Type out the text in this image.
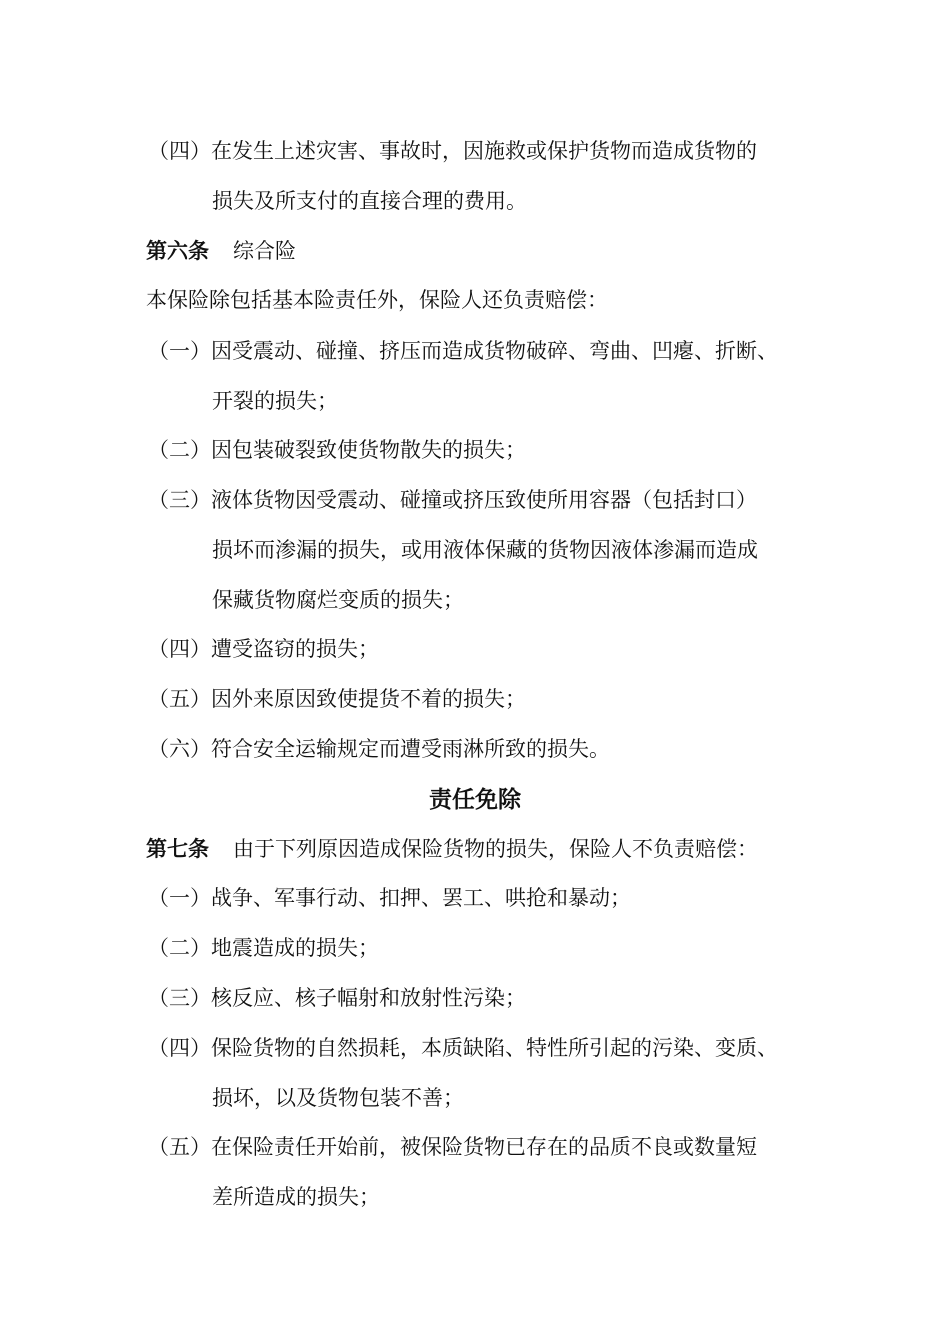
（四）在发生上述灾害、事故时，因施救或保护货物而造成货物的
损失及所支付的直接合理的费用。
第六条 综合险
本保险除包括基本险责任外，保险人还负责赔偿：
（一）因受震动、碰撞、挤压而造成货物破碎、弯曲、凹瘪、折断、
开裂的损失；
（二）因包装破裂致使货物散失的损失；
（三）液体货物因受震动、碰撞或挤压致使所用容器（包括封口）
损坏而渗漏的损失，或用液体保藏的货物因液体渗漏而造成
保藏货物腐烂变质的损失；
（四）遭受盗窃的损失；
（五）因外来原因致使提货不着的损失；
（六）符合安全运输规定而遭受雨淋所致的损失。
责任免除
第七条 由于下列原因造成保险货物的损失，保险人不负责赔偿：
（一）战争、军事行动、扣押、罢工、哄抢和暴动；
（二）地震造成的损失；
（三）核反应、核子幅射和放射性污染；
（四）保险货物的自然损耗，本质缺陷、特性所引起的污染、变质、
损坏，以及货物包装不善；
（五）在保险责任开始前，被保险货物已存在的品质不良或数量短
差所造成的损失；
